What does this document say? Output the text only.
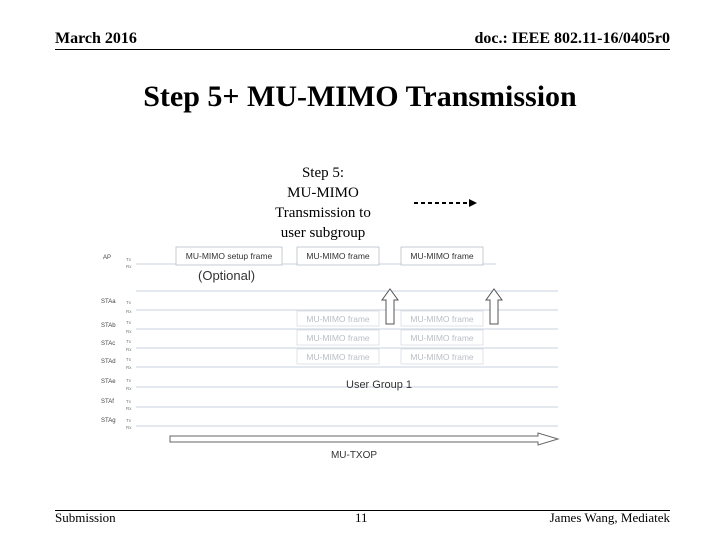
March 2016	doc.: IEEE 802.11-16/0405r0
Step 5+ MU-MIMO Transmission
Step 5:
MU-MIMO
Transmission to
user subgroup
AP
STAa
STAb
STAc
STAd
STAe
STAf
STAg
Tx
Rx
Tx
Rx
Tx
Rx
Tx
Rx
Tx
Rx
Tx
Rx
Tx
Rx
Tx
Rx
MU-MIMO setup frame	MU-MIMO frame	MU-MIMO frame
(Optional)
MU-MIMO frame	MU-MIMO frame
MU-MIMO frame	MU-MIMO frame
MU-MIMO frame	MU-MIMO frame
User Group 1
MU-TXOP
Submission	11	James Wang, Mediatek
